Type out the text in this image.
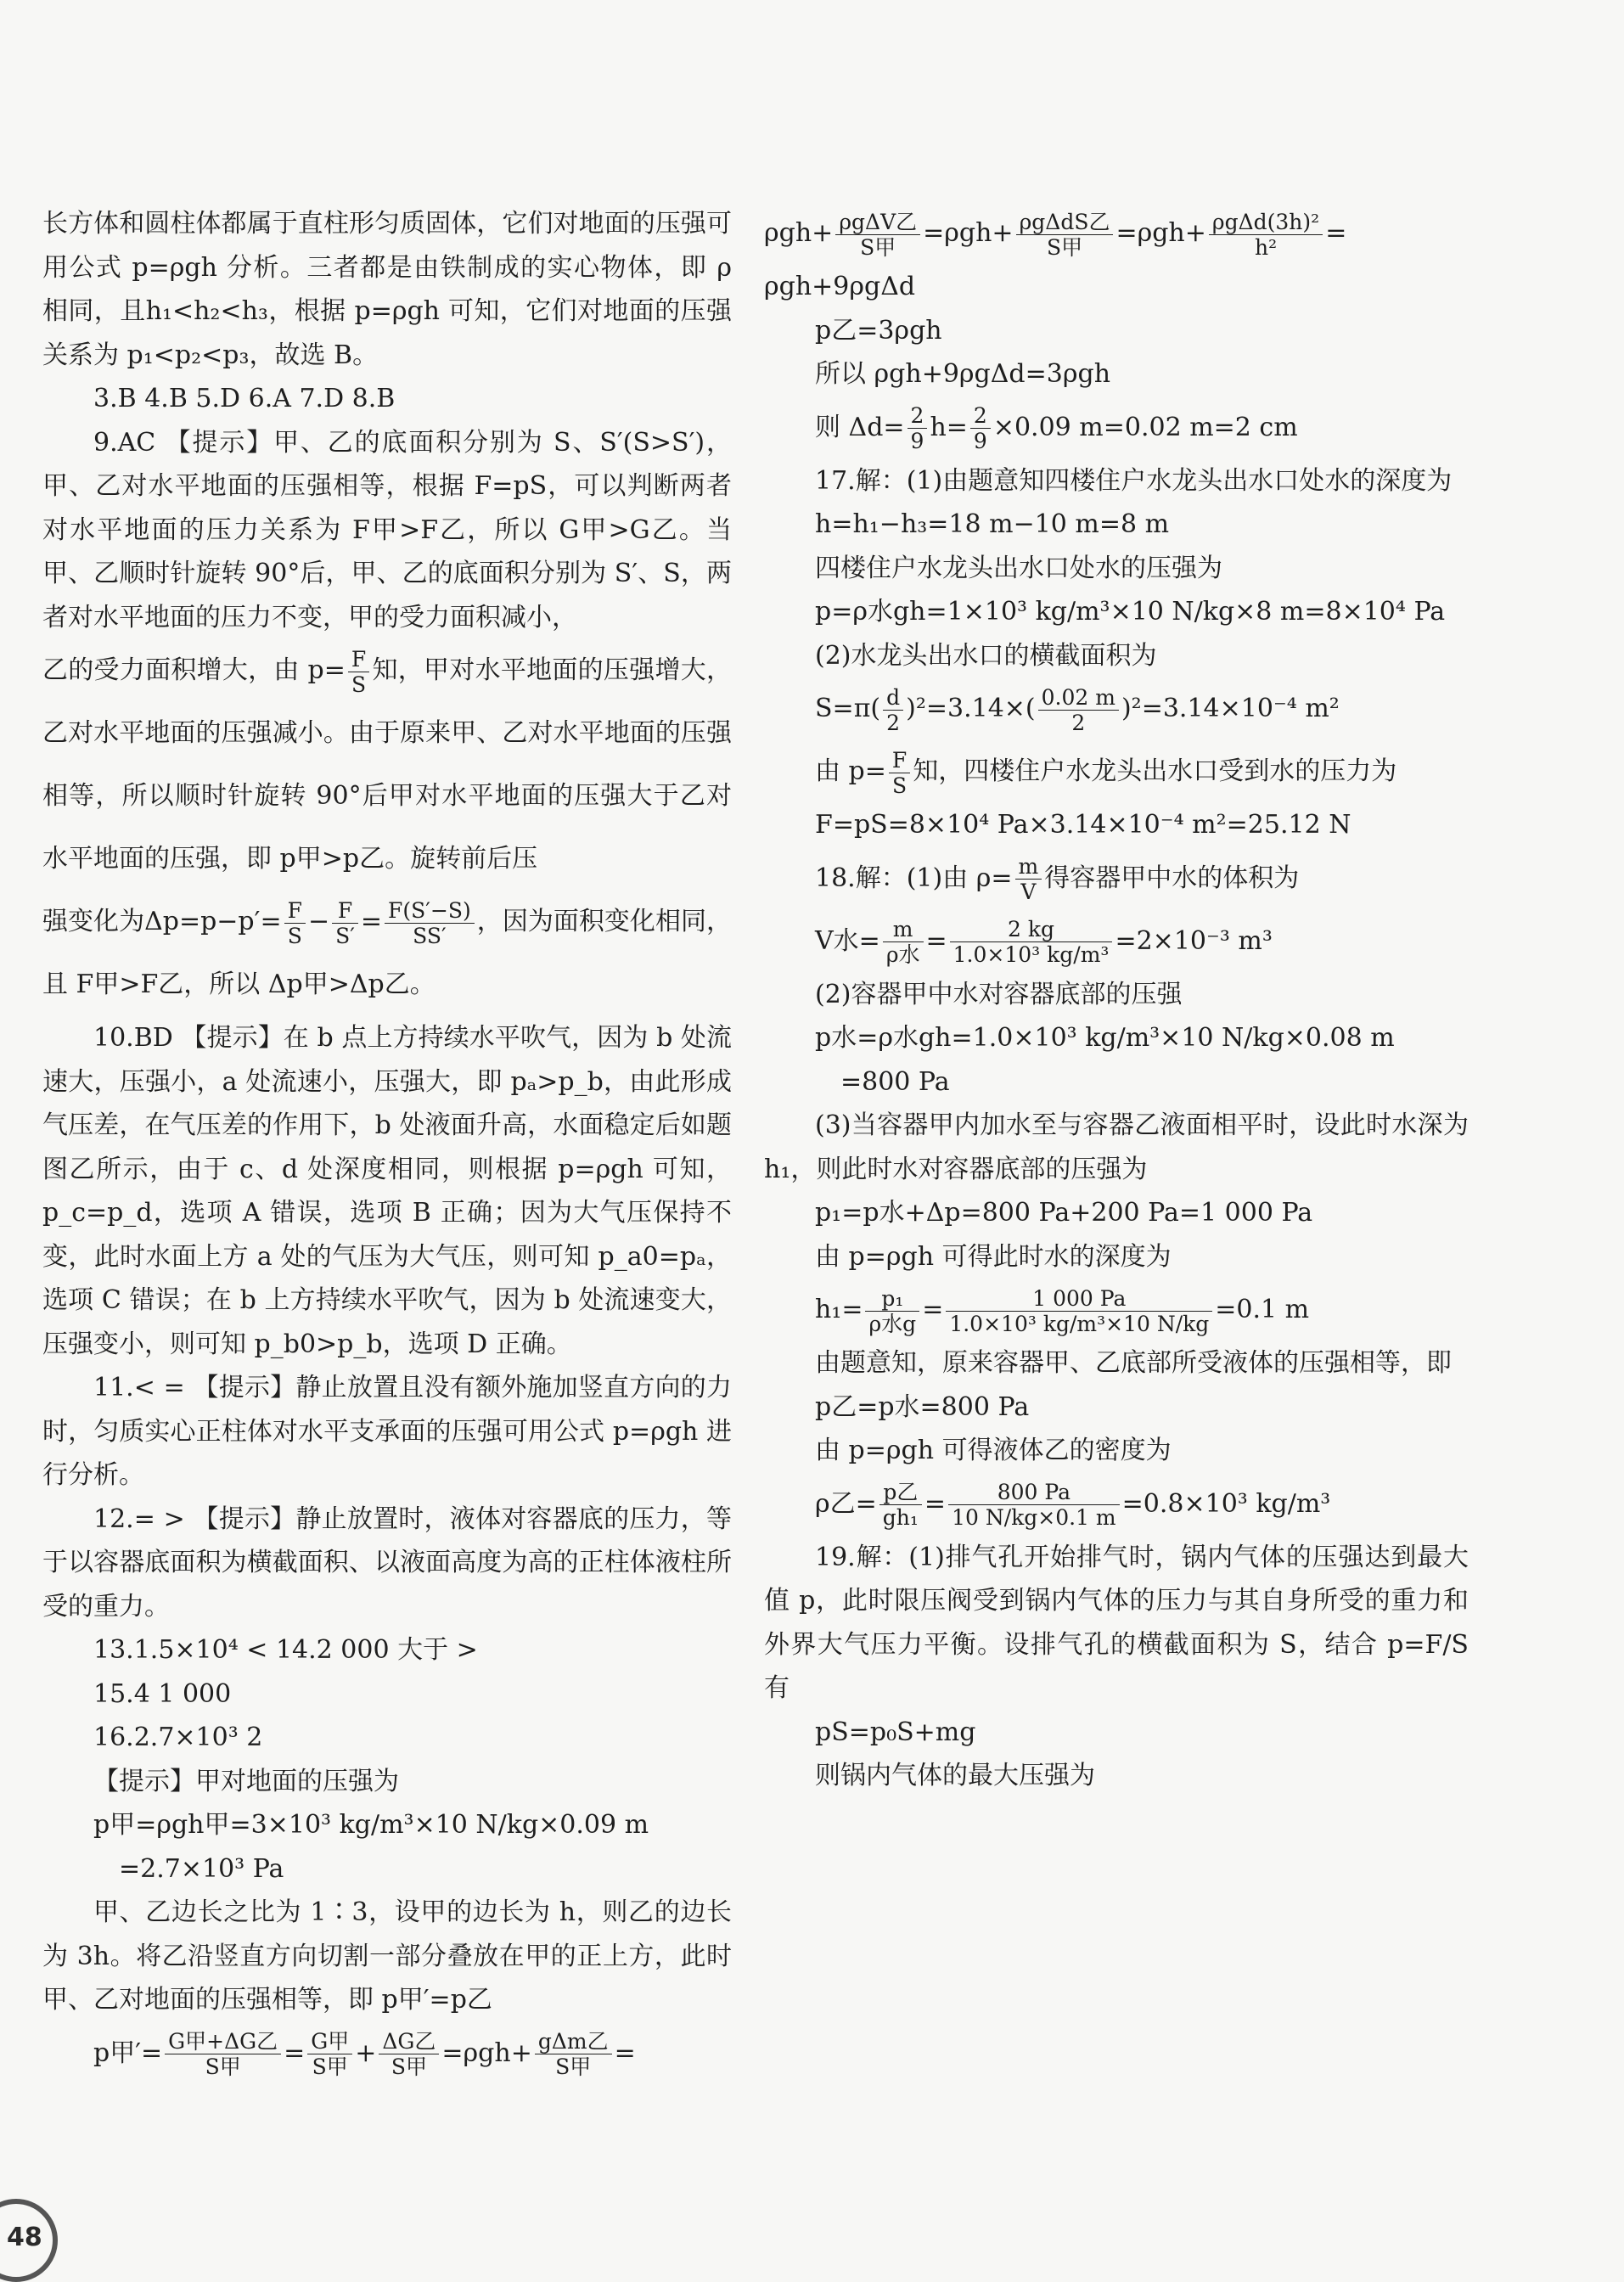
长方体和圆柱体都属于直柱形匀质固体，它们对地面的压强可用公式 p=ρgh 分析。三者都是由铁制成的实心物体，即 ρ 相同，且h₁<h₂<h₃，根据 p=ρgh 可知，它们对地面的压强关系为 p₁<p₂<p₃，故选 B。

3.B 4.B 5.D 6.A 7.D 8.B

9.AC 【提示】甲、乙的底面积分别为 S、S′(S>S′)，甲、乙对水平地面的压强相等，根据 F=pS，可以判断两者对水平地面的压力关系为 F甲>F乙，所以 G甲>G乙。当甲、乙顺时针旋转 90°后，甲、乙的底面积分别为 S′、S，两者对水平地面的压力不变，甲的受力面积减小，

乙的受力面积增大，由 $p= \frac{F}{S}$ 知，甲对水平地面的压强增大，乙对水平地面的压强减小。由于原来甲、乙对水平地面的压强相等，所以顺时针旋转 90°后甲对水平地面的压强大于乙对水平地面的压强，即 p甲>p乙。旋转前后压

强变化为$\Delta p=p-p'= \frac{F}{S} - \frac{F}{S'} = \frac{F(S'-S)}{SS'}$ ，因为面积变化相同，且 F甲>F乙，所以 Δp甲>Δp乙。

10.BD 【提示】在 b 点上方持续水平吹气，因为 b 处流速大，压强小，a 处流速小，压强大，即 pₐ>p_b，由此形成气压差，在气压差的作用下，b 处液面升高，水面稳定后如题图乙所示，由于 c、d 处深度相同，则根据 p=ρgh 可知，p_c=p_d，选项 A 错误，选项 B 正确；因为大气压保持不变，此时水面上方 a 处的气压为大气压，则可知 p_a0=pₐ，选项 C 错误；在 b 上方持续水平吹气，因为 b 处流速变大，压强变小，则可知 p_b0>p_b，选项 D 正确。

11.< = 【提示】静止放置且没有额外施加竖直方向的力时，匀质实心正柱体对水平支承面的压强可用公式 p=ρgh 进行分析。

12.= > 【提示】静止放置时，液体对容器底的压力，等于以容器底面积为横截面积、以液面高度为高的正柱体液柱所受的重力。

13.1.5×10⁴ < 14.2 000 大于 >

15.4 1 000

16.2.7×10³ 2

【提示】甲对地面的压强为

p甲=ρgh甲=3×10³ kg/m³×10 N/kg×0.09 m

=2.7×10³ Pa

甲、乙边长之比为 1∶3，设甲的边长为 h，则乙的边长为 3h。将乙沿竖直方向切割一部分叠放在甲的正上方，此时甲、乙对地面的压强相等，即 p甲′=p乙

p甲′= $\frac{\text{G甲+ΔG乙}}{\text{S甲}} = \frac{\text{G甲}}{\text{S甲}} + \frac{\text{ΔG乙}}{\text{S甲}} =\rho gh+ \frac{\text{gΔm乙}}{\text{S甲}}$ =

$\rho gh+ \frac{\text{ρgΔV乙}}{\text{S甲}} =\rho gh+ \frac{\text{ρgΔdS乙}}{\text{S甲}} =\rho gh+ \frac{\text{ρgΔd(3h)²}}{\text{h²}}$ =

ρgh+9ρgΔd

p乙=3ρgh

所以 ρgh+9ρgΔd=3ρgh

则 $\Delta d= \frac{2}{9} h= \frac{2}{9} \times 0.09$ m=0.02 m=2 cm

17.解：(1)由题意知四楼住户水龙头出水口处水的深度为

h=h₁−h₃=18 m−10 m=8 m

四楼住户水龙头出水口处水的压强为

p=ρ水gh=1×10³ kg/m³×10 N/kg×8 m=8×10⁴ Pa

(2)水龙头出水口的横截面积为

$S=\pi( \frac{d}{2} )^2=3.14\times( \frac{0.02 m}{2} )^2=3.14\times 10^{-4}$ m²

由 $p= \frac{F}{S}$ 知，四楼住户水龙头出水口受到水的压力为

F=pS=8×10⁴ Pa×3.14×10⁻⁴ m²=25.12 N

18.解：(1)由 $\rho= \frac{m}{V}$ 得容器甲中水的体积为

V水= $\frac{m}{\text{ρ水}} = \frac{2 kg}{\text{1.0×10³ kg/m³}} =2\times 10^{-3}$ m³

(2)容器甲中水对容器底部的压强

p水=ρ水gh=1.0×10³ kg/m³×10 N/kg×0.08 m

=800 Pa

(3)当容器甲内加水至与容器乙液面相平时，设此时水深为 h₁，则此时水对容器底部的压强为

p₁=p水+Δp=800 Pa+200 Pa=1 000 Pa

由 p=ρgh 可得此时水的深度为

$h_1= \frac{\text{p₁}}{\text{ρ水g}} = \frac{1 000 Pa}{\text{1.0×10³ kg/m³×10 N/kg}} =0.1$ m

由题意知，原来容器甲、乙底部所受液体的压强相等，即

p乙=p水=800 Pa

由 p=ρgh 可得液体乙的密度为

ρ乙= $\frac{\text{p乙}}{\text{gh₁}} = \frac{800 Pa}{10 N/kg\times 0.1 m} =0.8\times 10^3$ kg/m³

19.解：(1)排气孔开始排气时，锅内气体的压强达到最大值 p，此时限压阀受到锅内气体的压力与其自身所受的重力和外界大气压力平衡。设排气孔的横截面积为 S，结合 p=F/S 有

pS=p₀S+mg

则锅内气体的最大压强为

48
